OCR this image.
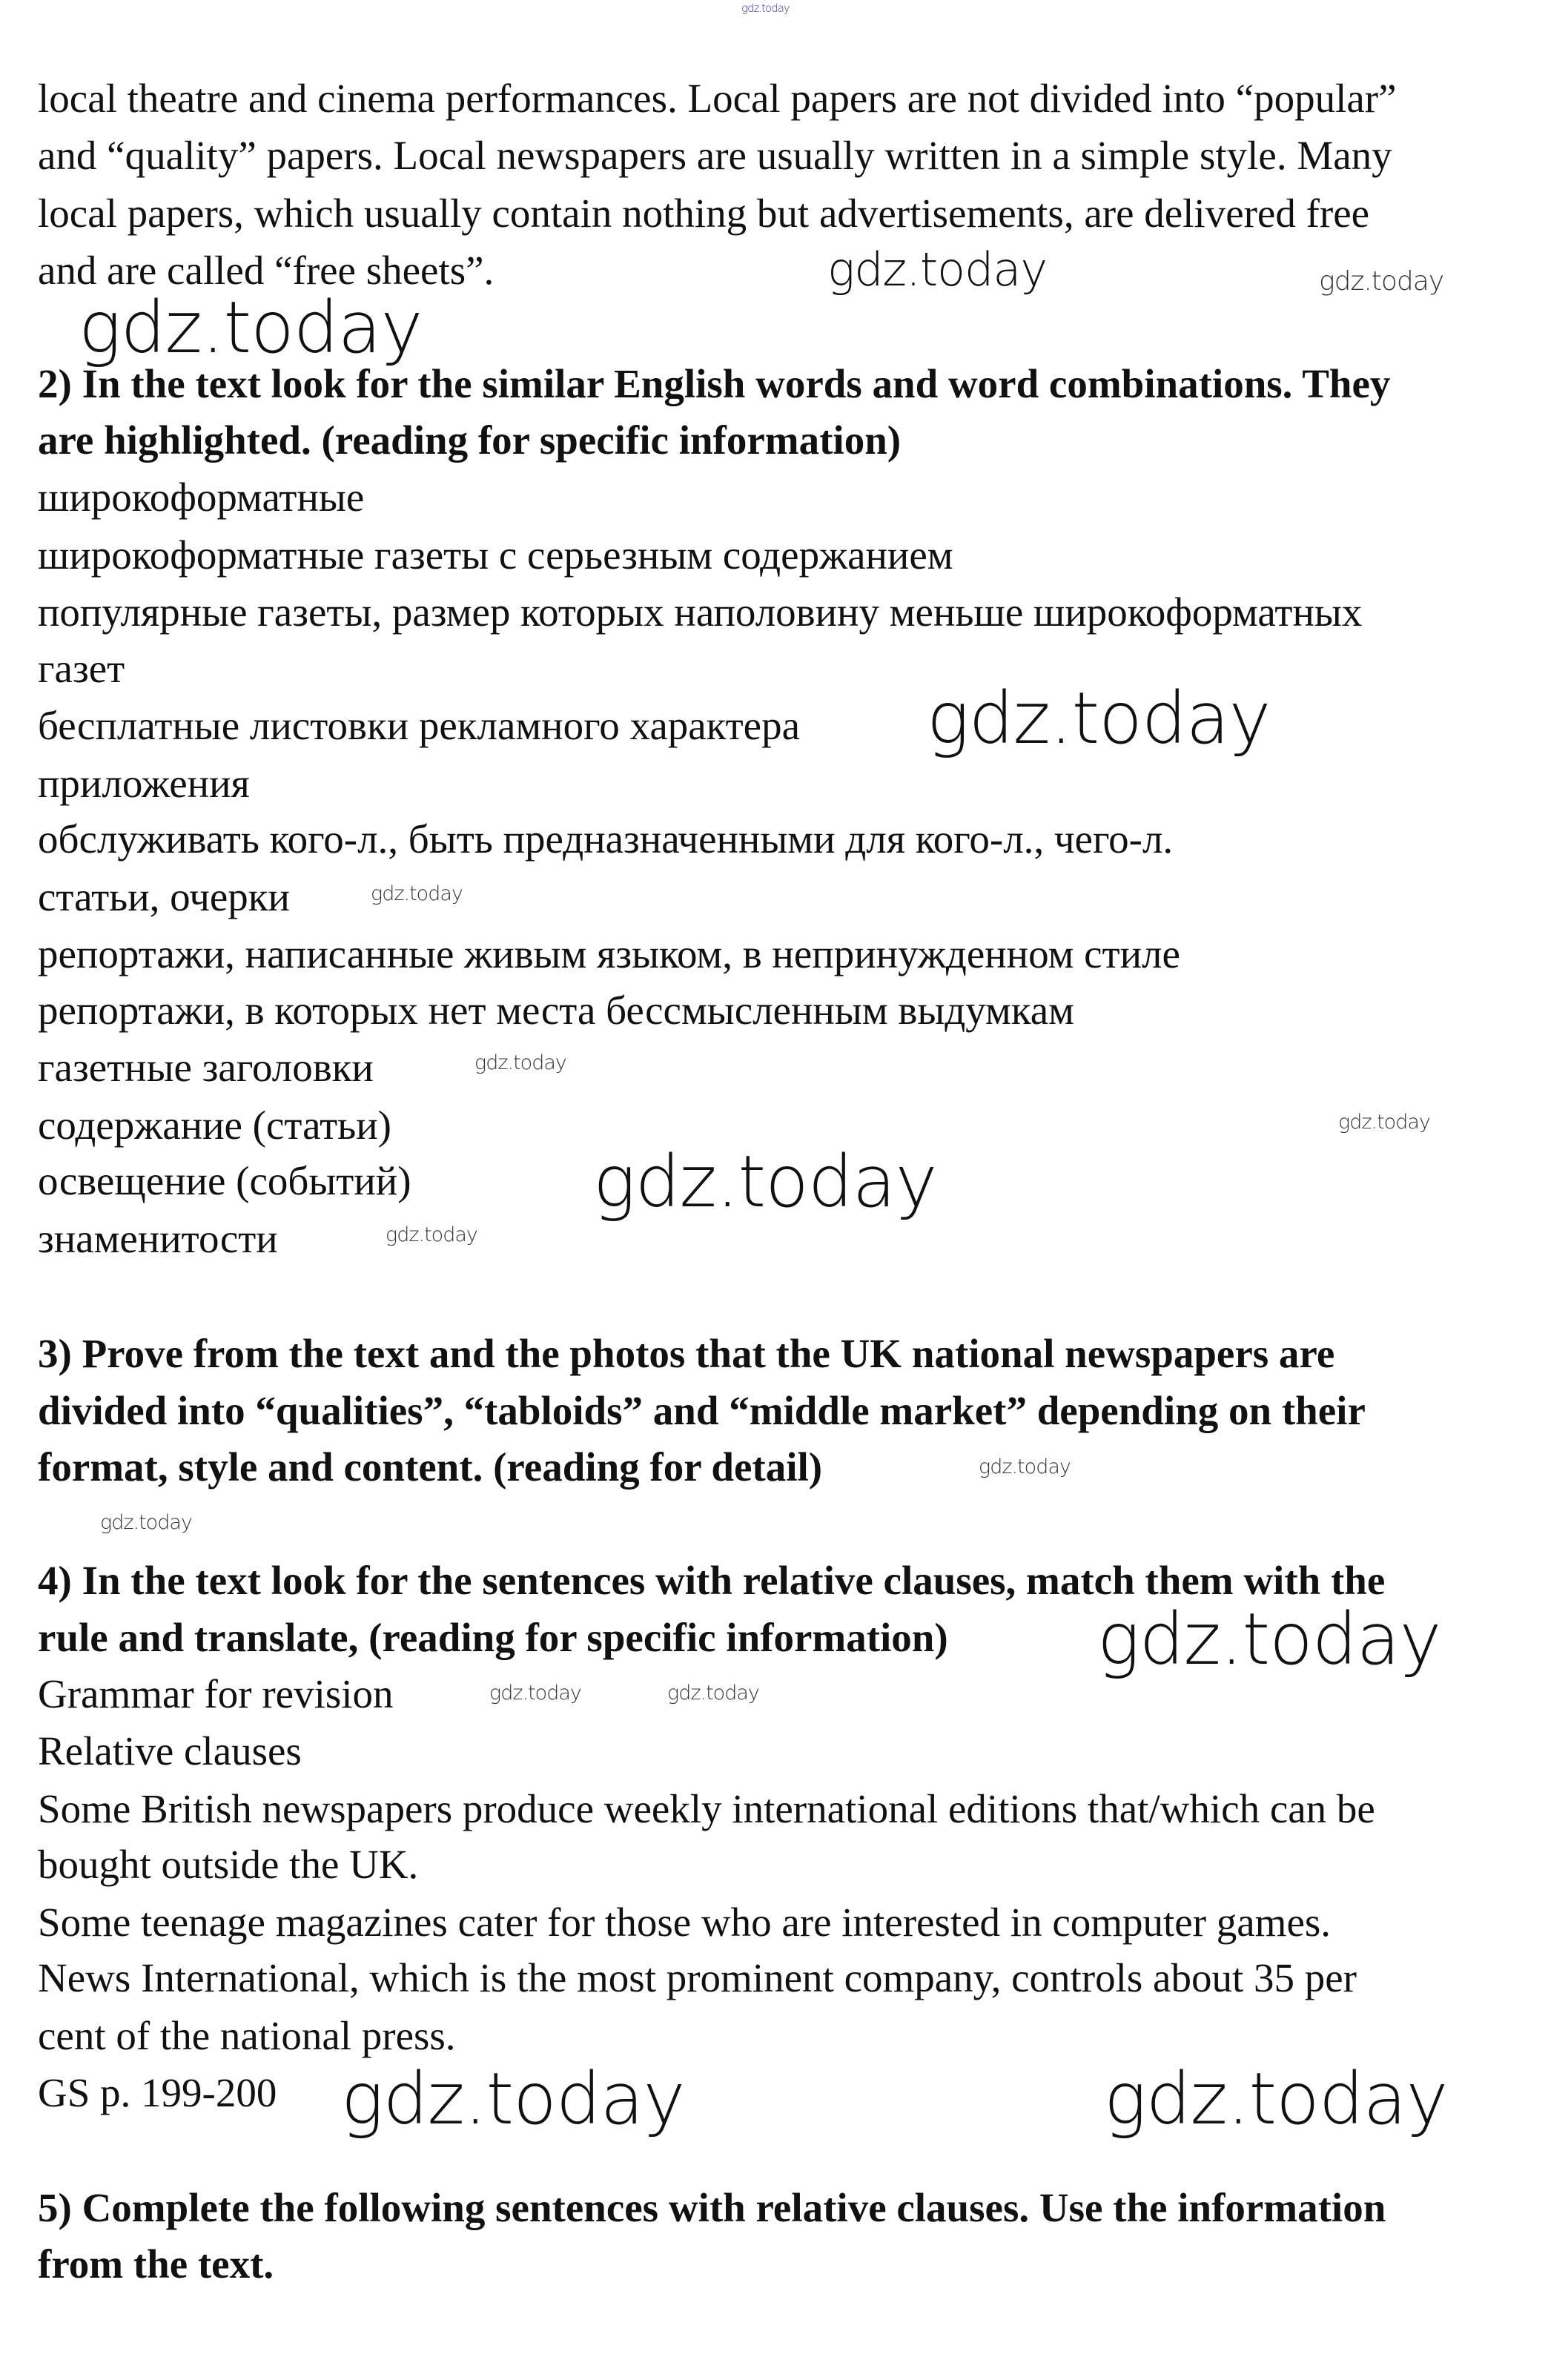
gdz.today
local theatre and cinema performances. Local papers are not divided into “popular”
and “quality” papers. Local newspapers are usually written in a simple style. Many
local papers, which usually contain nothing but advertisements, are delivered free
and are called “free sheets”.
2) In the text look for the similar English words and word combinations. They
are highlighted. (reading for specific information)
широкоформатные
широкоформатные газеты с серьезным содержанием
популярные газеты, размер которых наполовину меньше широкоформатных
газет
бесплатные листовки рекламного характера
приложения
обслуживать кого-л., быть предназначенными для кого-л., чего-л.
статьи, очерки
репортажи, написанные живым языком, в непринужденном стиле
репортажи, в которых нет места бессмысленным выдумкам
газетные заголовки
содержание (статьи)
освещение (событий)
знаменитости
3) Prove from the text and the photos that the UK national newspapers are
divided into “qualities”, “tabloids” and “middle market” depending on their
format, style and content. (reading for detail)
4) In the text look for the sentences with relative clauses, match them with the
rule and translate, (reading for specific information)
Grammar for revision
Relative clauses
Some British newspapers produce weekly international editions that/which can be
bought outside the UK.
Some teenage magazines cater for those who are interested in computer games.
News International, which is the most prominent company, controls about 35 per
cent of the national press.
GS p. 199-200
5) Complete the following sentences with relative clauses. Use the information
from the text.
gdz.today	gdz.today
gdz.today
gdz.today
gdz.today
gdz.today
gdz.today
gdz.today
gdz.today
gdz.today
gdz.today
gdz.today
gdz.today	gdz.today
gdz.today	gdz.today
